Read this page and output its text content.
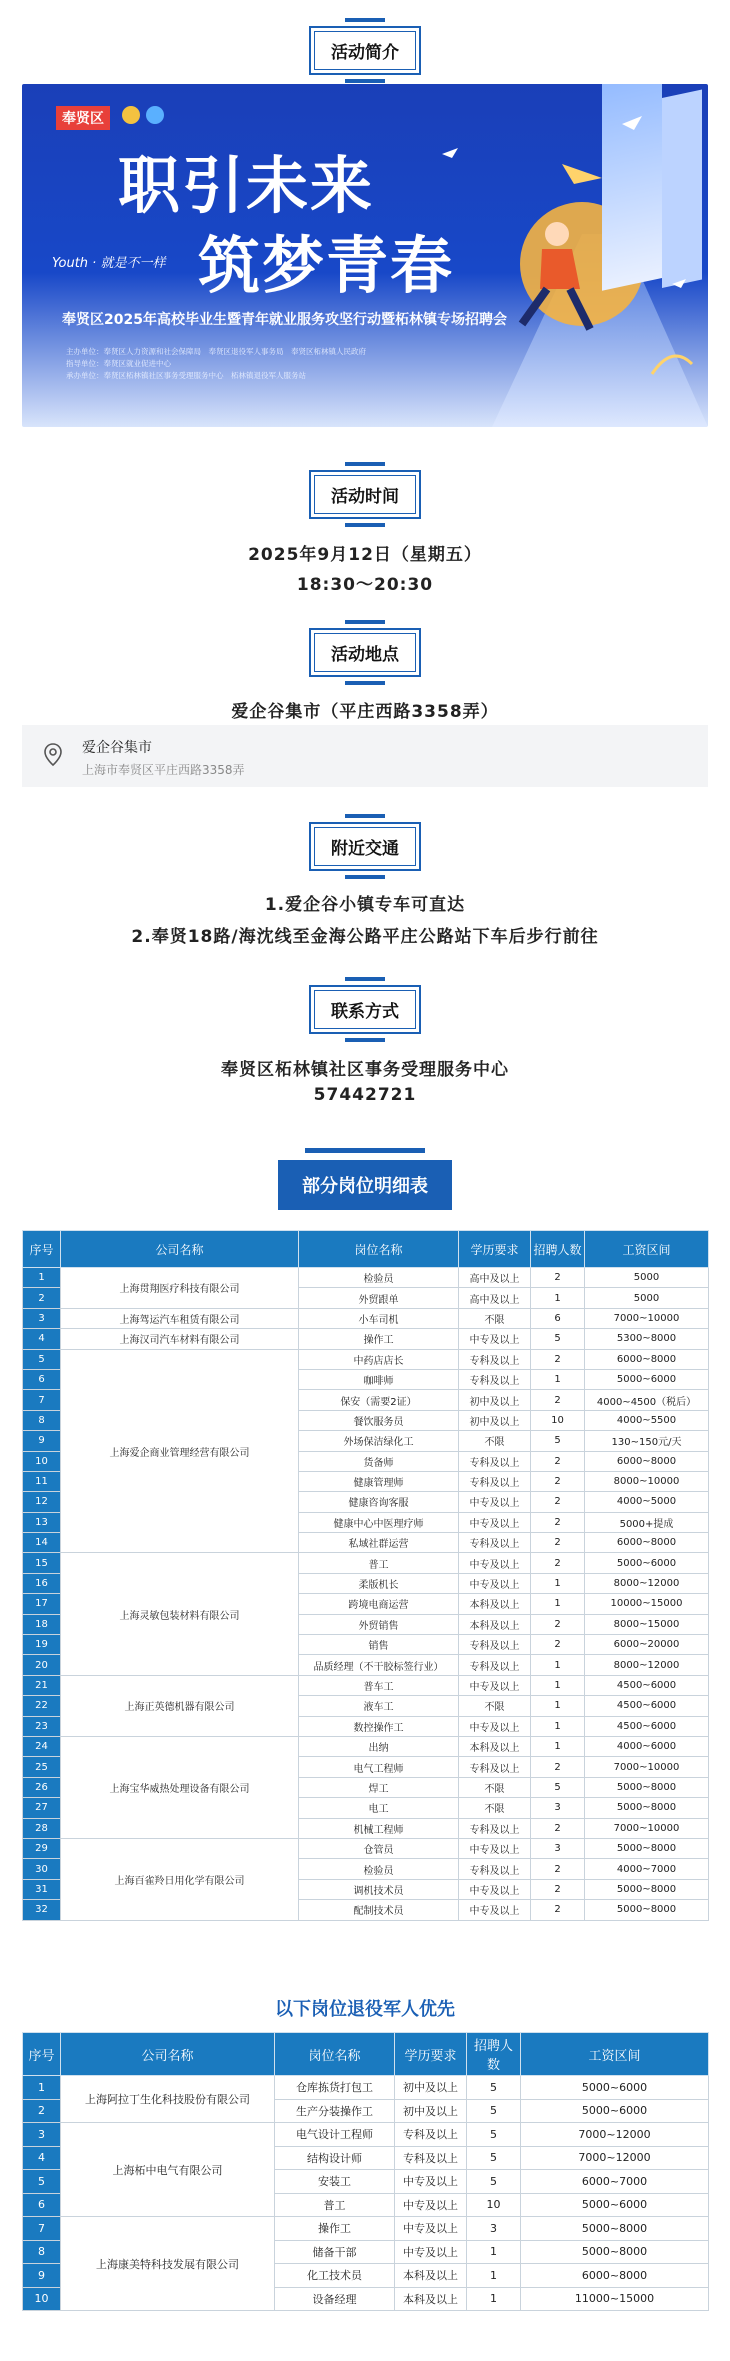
活动简介
奉贤区
职引未来
筑梦青春
Youth · 就是不一样
奉贤区2025年高校毕业生暨青年就业服务攻坚行动暨柘林镇专场招聘会
主办单位：奉贤区人力资源和社会保障局　奉贤区退役军人事务局　奉贤区柘林镇人民政府
指导单位：奉贤区就业促进中心
承办单位：奉贤区柘林镇社区事务受理服务中心　柘林镇退役军人服务站
活动时间
2025年9月12日（星期五）
18:30～20:30
活动地点
爱企谷集市（平庄西路3358弄）
爱企谷集市
上海市奉贤区平庄西路3358弄
附近交通
1.爱企谷小镇专车可直达
2.奉贤18路/海沈线至金海公路平庄公路站下车后步行前往
联系方式
奉贤区柘林镇社区事务受理服务中心
57442721
部分岗位明细表
序号	公司名称	岗位名称	学历要求	招聘人数	工资区间
1	上海贯翔医疗科技有限公司	检验员	高中及以上	2	5000
2		外贸跟单	高中及以上	1	5000
3	上海驾运汽车租赁有限公司	小车司机	不限	6	7000~10000
4	上海汉司汽车材料有限公司	操作工	中专及以上	5	5300~8000
5	上海爱企商业管理经营有限公司	中药店店长	专科及以上	2	6000~8000
6		咖啡师	专科及以上	1	5000~6000
7		保安（需要2证）	初中及以上	2	4000~4500（税后）
8		餐饮服务员	初中及以上	10	4000~5500
9		外场保洁绿化工	不限	5	130~150元/天
10		货备师	专科及以上	2	6000~8000
11		健康管理师	专科及以上	2	8000~10000
12		健康咨询客服	中专及以上	2	4000~5000
13		健康中心中医理疗师	中专及以上	2	5000+提成
14		私域社群运营	专科及以上	2	6000~8000
15	上海灵敏包装材料有限公司	普工	中专及以上	2	5000~6000
16		柔版机长	中专及以上	1	8000~12000
17		跨境电商运营	本科及以上	1	10000~15000
18		外贸销售	本科及以上	2	8000~15000
19		销售	专科及以上	2	6000~20000
20		品质经理（不干胶标签行业）	专科及以上	1	8000~12000
21	上海正英德机器有限公司	普车工	中专及以上	1	4500~6000
22		液车工	不限	1	4500~6000
23		数控操作工	中专及以上	1	4500~6000
24	上海宝华威热处理设备有限公司	出纳	本科及以上	1	4000~6000
25		电气工程师	专科及以上	2	7000~10000
26		焊工	不限	5	5000~8000
27		电工	不限	3	5000~8000
28		机械工程师	专科及以上	2	7000~10000
29	上海百雀羚日用化学有限公司	仓管员	中专及以上	3	5000~8000
30		检验员	专科及以上	2	4000~7000
31		调机技术员	中专及以上	2	5000~8000
32		配制技术员	中专及以上	2	5000~8000
以下岗位退役军人优先
序号	公司名称	岗位名称	学历要求	招聘人数	工资区间
1	上海阿拉丁生化科技股份有限公司	仓库拣货打包工	初中及以上	5	5000~6000
2		生产分装操作工	初中及以上	5	5000~6000
3	上海柘中电气有限公司	电气设计工程师	专科及以上	5	7000~12000
4		结构设计师	专科及以上	5	7000~12000
5		安装工	中专及以上	5	6000~7000
6		普工	中专及以上	10	5000~6000
7	上海康美特科技发展有限公司	操作工	中专及以上	3	5000~8000
8		储备干部	中专及以上	1	5000~8000
9		化工技术员	本科及以上	1	6000~8000
10		设备经理	本科及以上	1	11000~15000
